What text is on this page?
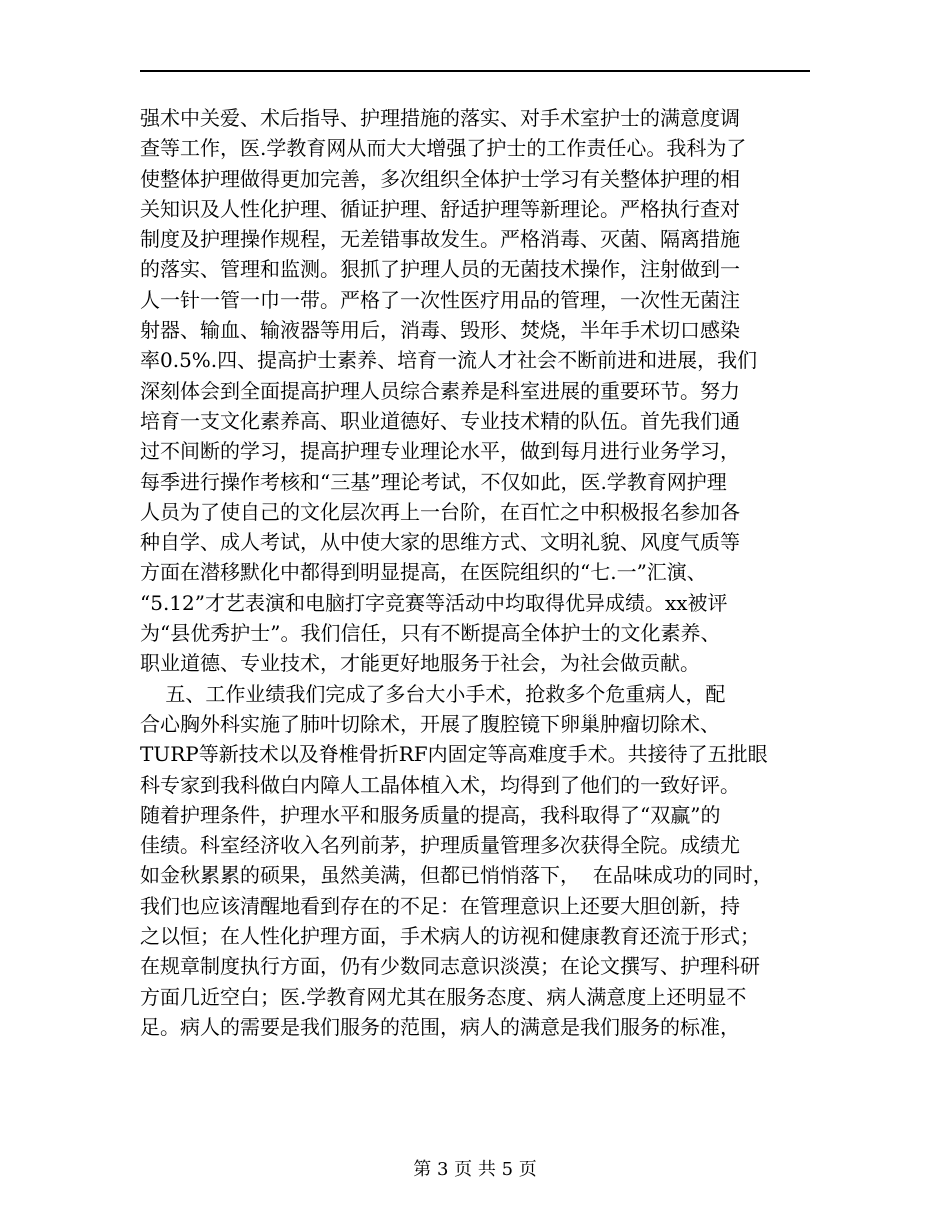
强术中关爱、术后指导、护理措施的落实、对手术室护士的满意度调
查等工作，医.学教育网从而大大增强了护士的工作责任心。我科为了
使整体护理做得更加完善，多次组织全体护士学习有关整体护理的相
关知识及人性化护理、循证护理、舒适护理等新理论。严格执行查对
制度及护理操作规程，无差错事故发生。严格消毒、灭菌、隔离措施
的落实、管理和监测。狠抓了护理人员的无菌技术操作，注射做到一
人一针一管一巾一带。严格了一次性医疗用品的管理，一次性无菌注
射器、输血、输液器等用后，消毒、毁形、焚烧，半年手术切口感染
率0.5%.四、提高护士素养、培育一流人才社会不断前进和进展，我们
深刻体会到全面提高护理人员综合素养是科室进展的重要环节。努力
培育一支文化素养高、职业道德好、专业技术精的队伍。首先我们通
过不间断的学习，提高护理专业理论水平，做到每月进行业务学习，
每季进行操作考核和“三基”理论考试，不仅如此，医.学教育网护理
人员为了使自己的文化层次再上一台阶，在百忙之中积极报名参加各
种自学、成人考试，从中使大家的思维方式、文明礼貌、风度气质等
方面在潜移默化中都得到明显提高，在医院组织的“七.一”汇演、
“5.12”才艺表演和电脑打字竞赛等活动中均取得优异成绩。xx被评
为“县优秀护士”。我们信任，只有不断提高全体护士的文化素养、
职业道德、专业技术，才能更好地服务于社会，为社会做贡献。
五、工作业绩我们完成了多台大小手术，抢救多个危重病人，配
合心胸外科实施了肺叶切除术，开展了腹腔镜下卵巢肿瘤切除术、
TURP等新技术以及脊椎骨折RF内固定等高难度手术。共接待了五批眼
科专家到我科做白内障人工晶体植入术，均得到了他们的一致好评。
随着护理条件，护理水平和服务质量的提高，我科取得了“双赢”的
佳绩。科室经济收入名列前茅，护理质量管理多次获得全院。成绩尤
如金秋累累的硕果，虽然美满，但都已悄悄落下，  在品味成功的同时，
我们也应该清醒地看到存在的不足：在管理意识上还要大胆创新，持
之以恒；在人性化护理方面，手术病人的访视和健康教育还流于形式；
在规章制度执行方面，仍有少数同志意识淡漠；在论文撰写、护理科研
方面几近空白；医.学教育网尤其在服务态度、病人满意度上还明显不
足。病人的需要是我们服务的范围，病人的满意是我们服务的标准，
第 3 页 共 5 页
